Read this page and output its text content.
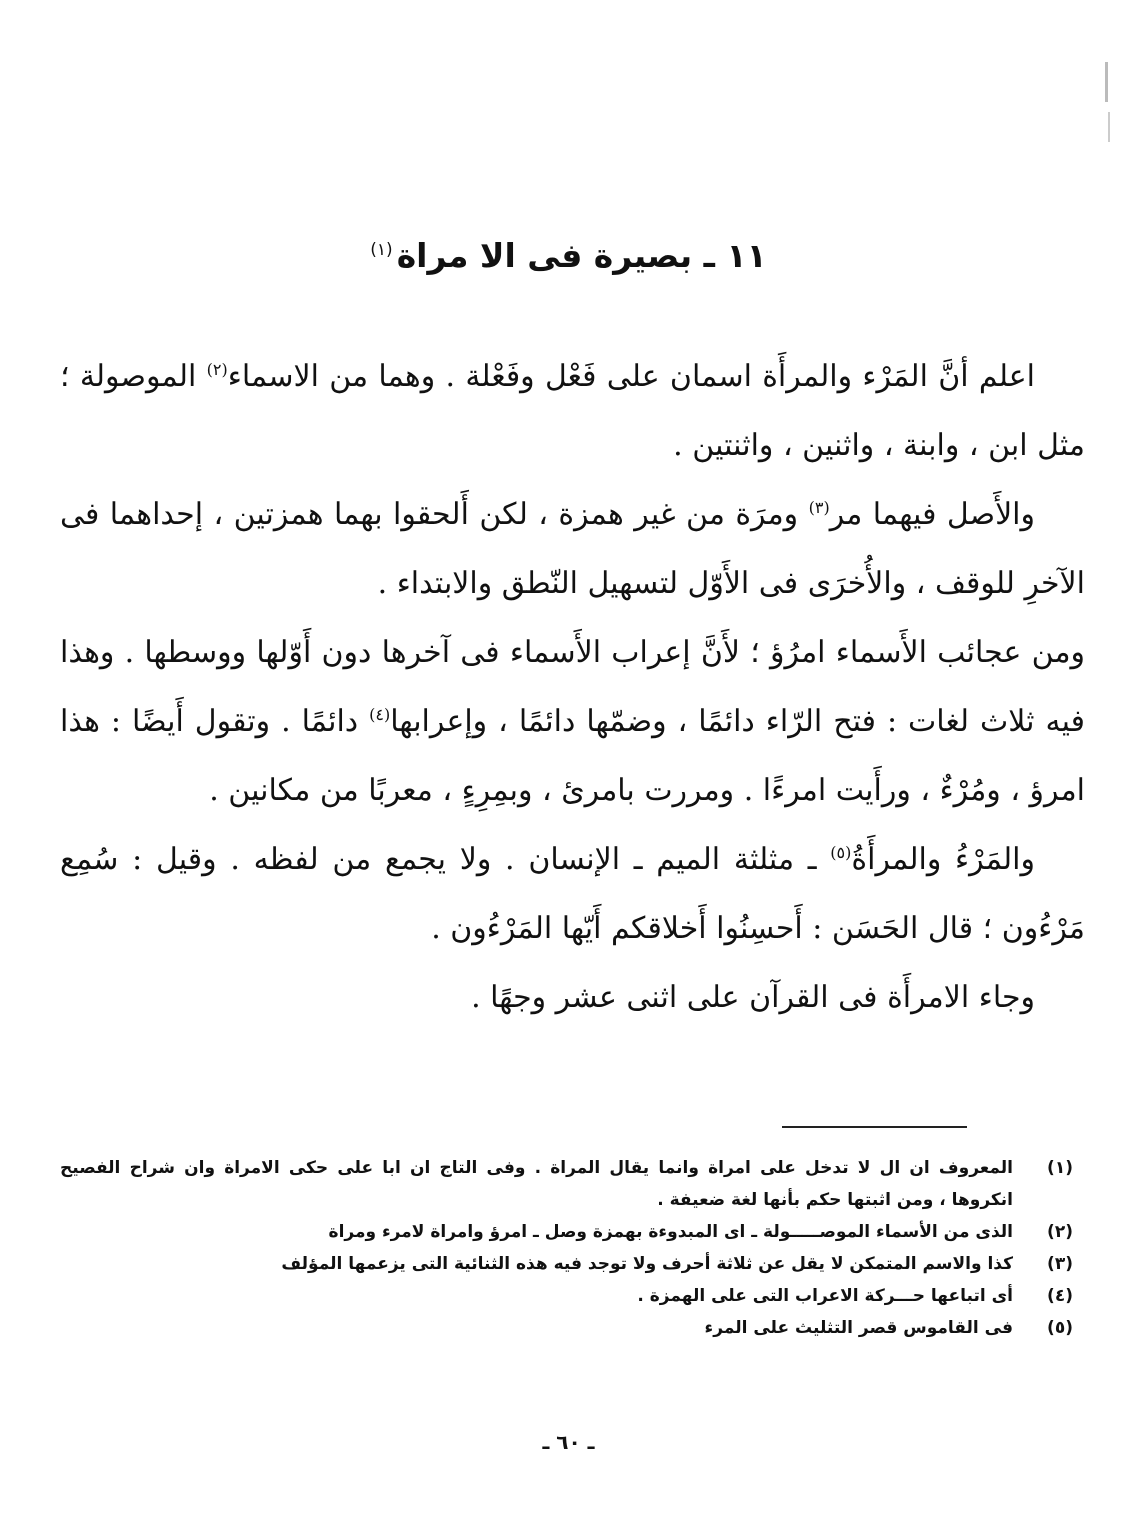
١١ ـ بصيرة فى الا مراة$^{(١)}$

اعلم أنَّ المَرْء والمرأَة اسمان على فَعْل وفَعْلة . وهما من الاسماء$^{(٢)}$ الموصولة ؛ مثل ابن ، وابنة ، واثنين ، واثنتين .

والأَصل فيهما مر$^{(٣)}$ ومرَة من غير همزة ، لكن أَلحقوا بهما همزتين ، إحداهما فى الآخرِ للوقف ، والأُخرَى فى الأَوّل لتسهيل النّطق والابتداء .

ومن عجائب الأَسماء امرُؤ ؛ لأَنَّ إعراب الأَسماء فى آخرها دون أَوّلها ووسطها . وهذا فيه ثلاث لغات : فتح الرّاء دائمًا ، وضمّها دائمًا ، وإعرابها$^{(٤)}$ دائمًا . وتقول أَيضًا : هذا امرؤ ، ومُرْءٌ ، ورأَيت امرءًا . ومررت بامرئ ، وبمِرِءٍ ، معربًا من مكانين .

والمَرْءُ والمرأَةُ$^{(٥)}$ ـ مثلثة الميم ـ الإنسان . ولا يجمع من لفظه . وقيل : سُمِع مَرْءُون ؛ قال الحَسَن : أَحسِنُوا أَخلاقكم أَيّها المَرْءُون .

وجاء الامرأَة فى القرآن على اثنى عشر وجهًا .

(١)
المعروف ان ال لا تدخل على امراة وانما يقال المراة . وفى التاج ان ابا على حكى الامراة وان شراح الفصيح انكروها ، ومن اثبتها حكم بأنها لغة ضعيفة .
(٢)
الذى من الأسماء الموصـــــولة ـ اى المبدوءة بهمزة وصل ـ امرؤ وامراة لامرء ومراة
(٣)
كذا والاسم المتمكن لا يقل عن ثلاثة أحرف ولا توجد فيه هذه الثنائية التى يزعمها المؤلف
(٤)
أى اتباعها حـــركة الاعراب التى على الهمزة .
(٥)
فى القاموس قصر التثليث على المرء
ـ ٦٠ ـ
